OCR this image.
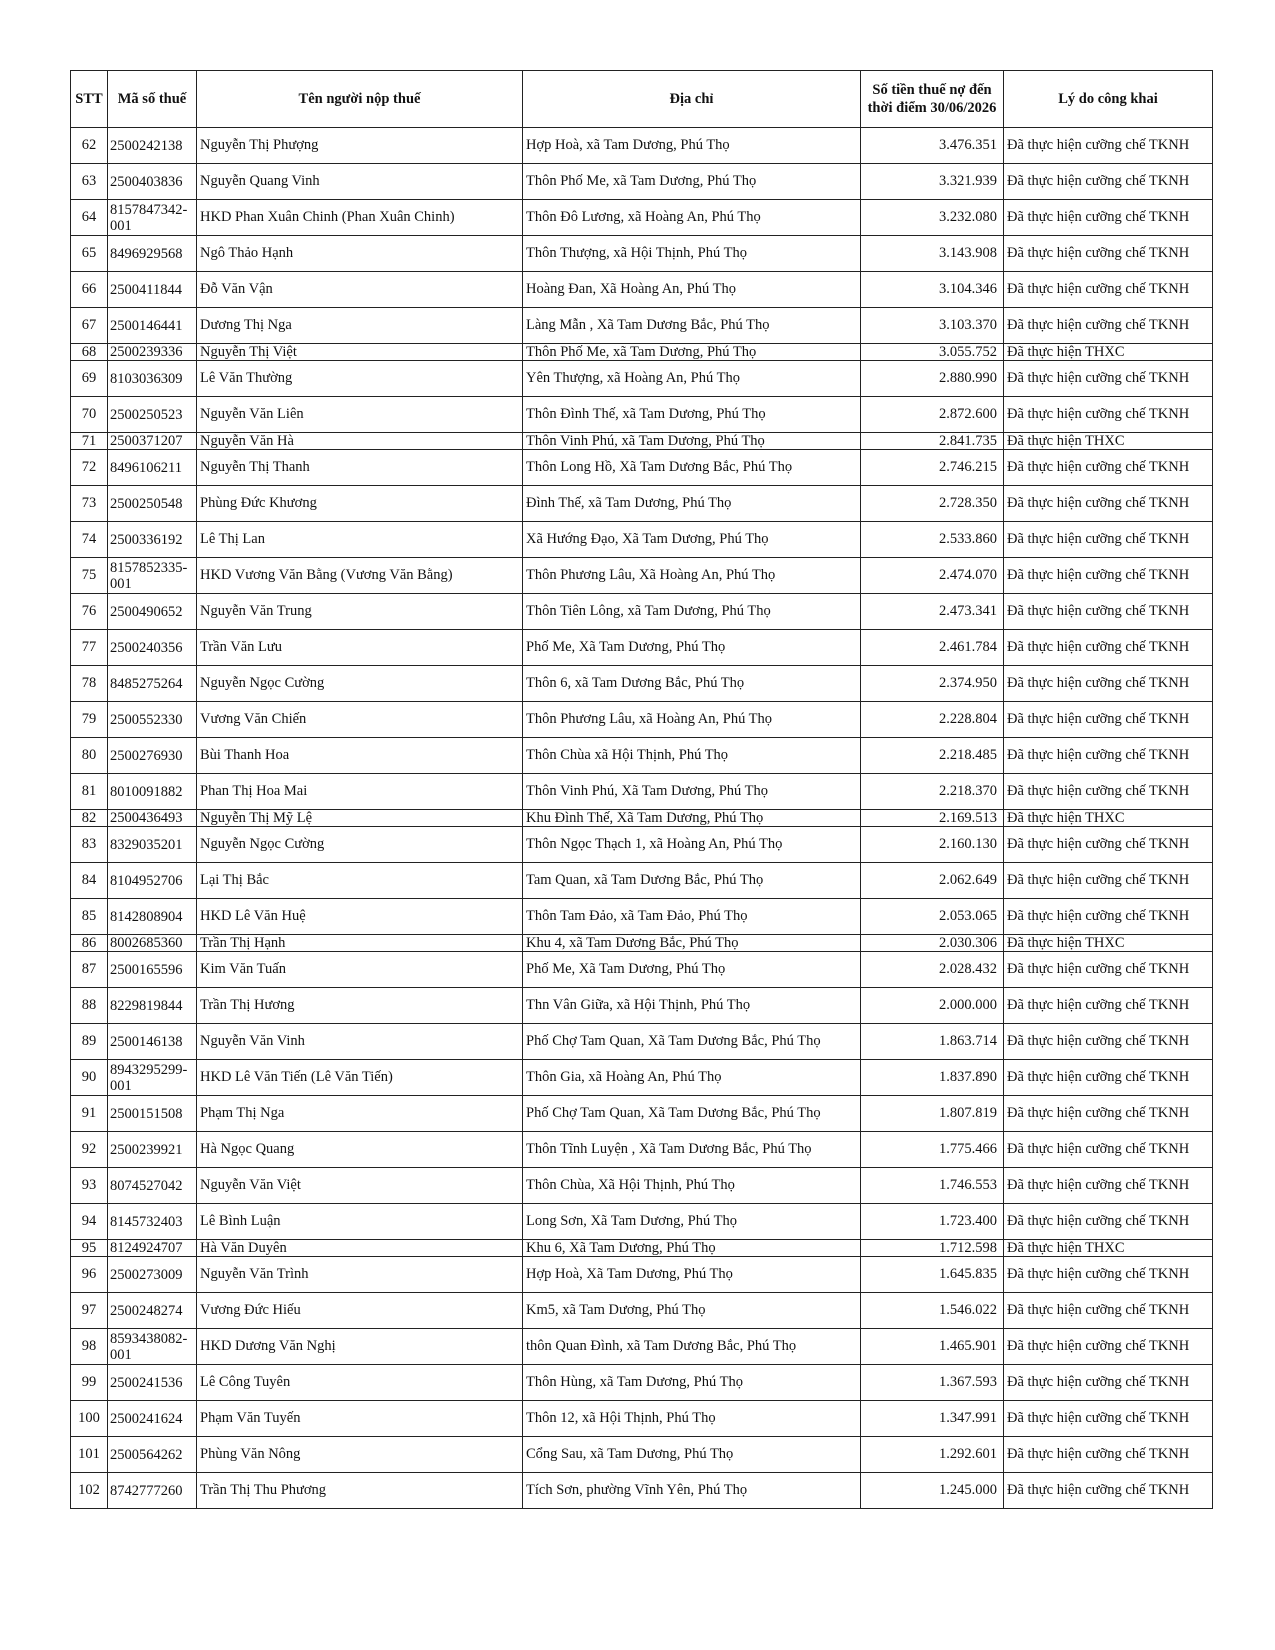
STT	Mã số thuế	Tên người nộp thuế	Địa chỉ	Số tiền thuế nợ đến thời điểm 30/06/2026	Lý do công khai
62	2500242138	Nguyễn Thị Phượng	Hợp Hoà, xã Tam Dương, Phú Thọ	3.476.351	Đã thực hiện cưỡng chế TKNH
63	2500403836	Nguyễn Quang Vinh	Thôn Phố Me, xã Tam Dương, Phú Thọ	3.321.939	Đã thực hiện cưỡng chế TKNH
64	8157847342-001	HKD Phan Xuân Chinh (Phan Xuân Chinh)	Thôn Đô Lương, xã Hoàng An, Phú Thọ	3.232.080	Đã thực hiện cưỡng chế TKNH
65	8496929568	Ngô Thảo Hạnh	Thôn Thượng, xã Hội Thịnh, Phú Thọ	3.143.908	Đã thực hiện cưỡng chế TKNH
66	2500411844	Đỗ Văn Vận	Hoàng Đan, Xã Hoàng An, Phú Thọ	3.104.346	Đã thực hiện cưỡng chế TKNH
67	2500146441	Dương Thị Nga	Làng Mẫn , Xã Tam Dương Bắc, Phú Thọ	3.103.370	Đã thực hiện cưỡng chế TKNH
68	2500239336	Nguyễn Thị Việt	Thôn Phố Me, xã Tam Dương, Phú Thọ	3.055.752	Đã thực hiện THXC
69	8103036309	Lê Văn Thường	Yên Thượng, xã Hoàng An, Phú Thọ	2.880.990	Đã thực hiện cưỡng chế TKNH
70	2500250523	Nguyễn Văn Liên	Thôn Đình Thế, xã Tam Dương, Phú Thọ	2.872.600	Đã thực hiện cưỡng chế TKNH
71	2500371207	Nguyễn Văn Hà	Thôn Vinh Phú, xã Tam Dương, Phú Thọ	2.841.735	Đã thực hiện THXC
72	8496106211	Nguyễn Thị Thanh	Thôn Long Hồ, Xã Tam Dương Bắc, Phú Thọ	2.746.215	Đã thực hiện cưỡng chế TKNH
73	2500250548	Phùng Đức Khương	Đình Thế, xã Tam Dương, Phú Thọ	2.728.350	Đã thực hiện cưỡng chế TKNH
74	2500336192	Lê Thị Lan	Xã Hướng Đạo, Xã Tam Dương, Phú Thọ	2.533.860	Đã thực hiện cưỡng chế TKNH
75	8157852335-001	HKD Vương Văn Bằng (Vương Văn Bằng)	Thôn Phương Lâu, Xã Hoàng An, Phú Thọ	2.474.070	Đã thực hiện cưỡng chế TKNH
76	2500490652	Nguyễn Văn Trung	Thôn Tiên Lông, xã Tam Dương, Phú Thọ	2.473.341	Đã thực hiện cưỡng chế TKNH
77	2500240356	Trần Văn Lưu	Phố Me, Xã Tam Dương, Phú Thọ	2.461.784	Đã thực hiện cưỡng chế TKNH
78	8485275264	Nguyễn Ngọc Cường	Thôn 6, xã Tam Dương Bắc, Phú Thọ	2.374.950	Đã thực hiện cưỡng chế TKNH
79	2500552330	Vương Văn Chiến	Thôn Phương Lâu, xã Hoàng An, Phú Thọ	2.228.804	Đã thực hiện cưỡng chế TKNH
80	2500276930	Bùi Thanh Hoa	Thôn Chùa xã Hội Thịnh, Phú Thọ	2.218.485	Đã thực hiện cưỡng chế TKNH
81	8010091882	Phan Thị Hoa Mai	Thôn Vinh Phú, Xã Tam Dương, Phú Thọ	2.218.370	Đã thực hiện cưỡng chế TKNH
82	2500436493	Nguyễn Thị Mỹ Lệ	Khu Đình Thế, Xã Tam Dương, Phú Thọ	2.169.513	Đã thực hiện THXC
83	8329035201	Nguyễn Ngọc Cường	Thôn Ngọc Thạch 1, xã Hoàng An, Phú Thọ	2.160.130	Đã thực hiện cưỡng chế TKNH
84	8104952706	Lại Thị Bắc	Tam Quan, xã Tam Dương Bắc, Phú Thọ	2.062.649	Đã thực hiện cưỡng chế TKNH
85	8142808904	HKD Lê Văn Huệ	Thôn Tam Đảo, xã Tam Đảo, Phú Thọ	2.053.065	Đã thực hiện cưỡng chế TKNH
86	8002685360	Trần Thị Hạnh	Khu 4, xã Tam Dương Bắc, Phú Thọ	2.030.306	Đã thực hiện THXC
87	2500165596	Kim Văn Tuấn	Phố Me, Xã Tam Dương, Phú Thọ	2.028.432	Đã thực hiện cưỡng chế TKNH
88	8229819844	Trần Thị Hương	Thn Vân Giữa, xã Hội Thịnh, Phú Thọ	2.000.000	Đã thực hiện cưỡng chế TKNH
89	2500146138	Nguyễn Văn Vinh	Phố Chợ Tam Quan, Xã Tam Dương Bắc, Phú Thọ	1.863.714	Đã thực hiện cưỡng chế TKNH
90	8943295299-001	HKD Lê Văn Tiến (Lê Văn Tiến)	Thôn Gia, xã Hoàng An, Phú Thọ	1.837.890	Đã thực hiện cưỡng chế TKNH
91	2500151508	Phạm Thị Nga	Phố Chợ Tam Quan, Xã Tam Dương Bắc, Phú Thọ	1.807.819	Đã thực hiện cưỡng chế TKNH
92	2500239921	Hà Ngọc Quang	Thôn Tĩnh Luyện , Xã Tam Dương Bắc, Phú Thọ	1.775.466	Đã thực hiện cưỡng chế TKNH
93	8074527042	Nguyễn Văn Việt	Thôn Chùa, Xã Hội Thịnh, Phú Thọ	1.746.553	Đã thực hiện cưỡng chế TKNH
94	8145732403	Lê Bình Luận	Long Sơn, Xã Tam Dương, Phú Thọ	1.723.400	Đã thực hiện cưỡng chế TKNH
95	8124924707	Hà Văn Duyên	Khu 6, Xã Tam Dương, Phú Thọ	1.712.598	Đã thực hiện THXC
96	2500273009	Nguyễn Văn Trình	Hợp Hoà, Xã Tam Dương, Phú Thọ	1.645.835	Đã thực hiện cưỡng chế TKNH
97	2500248274	Vương Đức Hiếu	Km5, xã Tam Dương, Phú Thọ	1.546.022	Đã thực hiện cưỡng chế TKNH
98	8593438082-001	HKD Dương Văn Nghị	thôn Quan Đình, xã Tam Dương Bắc, Phú Thọ	1.465.901	Đã thực hiện cưỡng chế TKNH
99	2500241536	Lê Công Tuyên	Thôn Hùng, xã Tam Dương, Phú Thọ	1.367.593	Đã thực hiện cưỡng chế TKNH
100	2500241624	Phạm Văn Tuyến	Thôn 12, xã Hội Thịnh, Phú Thọ	1.347.991	Đã thực hiện cưỡng chế TKNH
101	2500564262	Phùng Văn Nông	Cổng Sau, xã Tam Dương, Phú Thọ	1.292.601	Đã thực hiện cưỡng chế TKNH
102	8742777260	Trần Thị Thu Phương	Tích Sơn, phường Vĩnh Yên, Phú Thọ	1.245.000	Đã thực hiện cưỡng chế TKNH
